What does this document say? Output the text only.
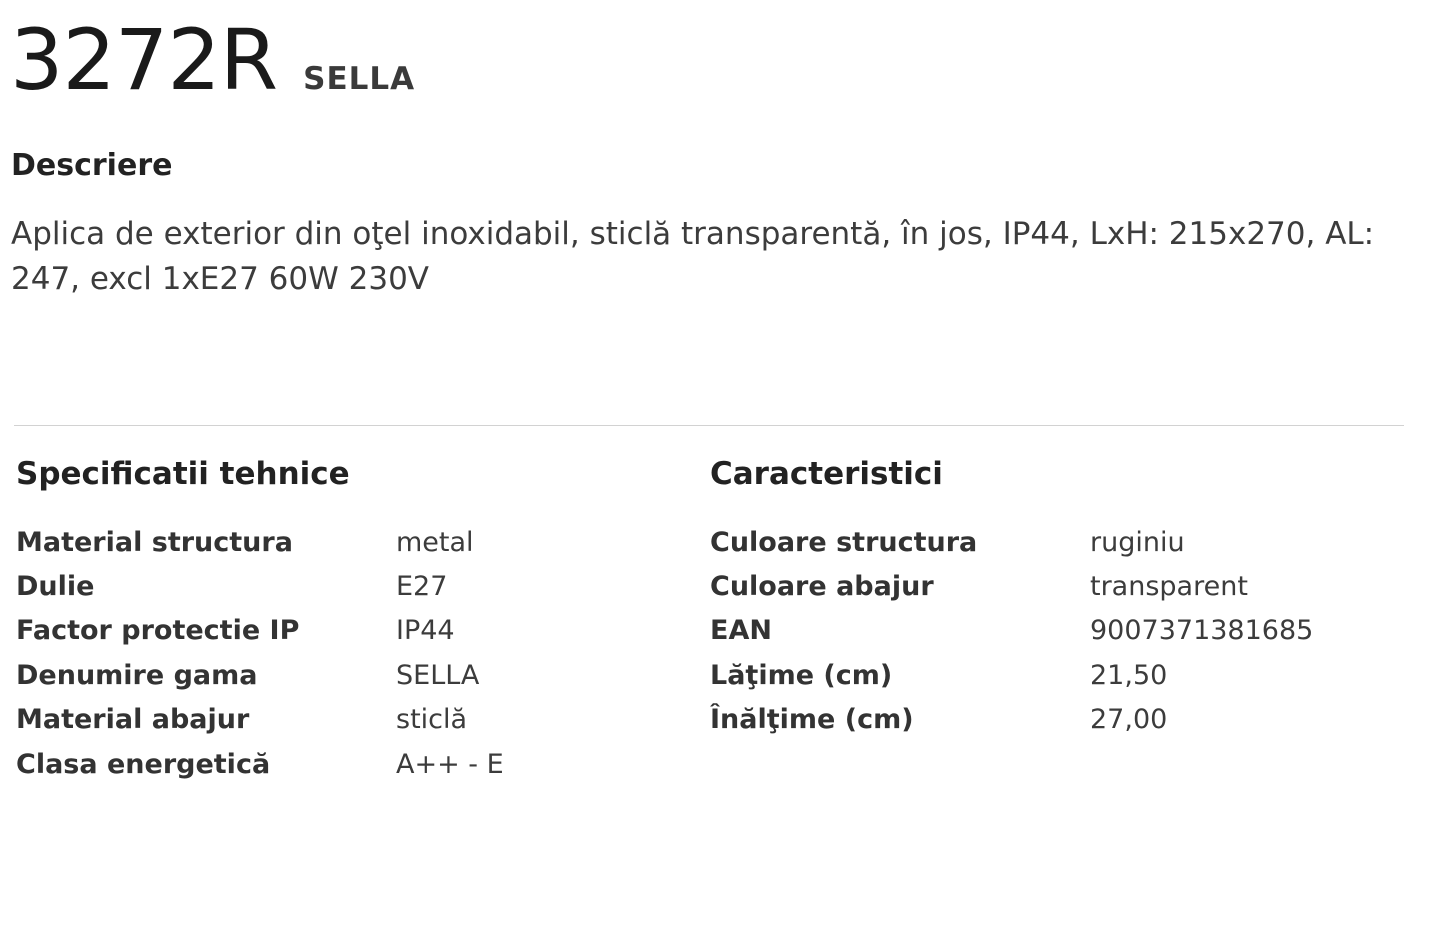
3272R SELLA
Descriere
Aplica de exterior din oţel inoxidabil, sticlă transparentă, în jos, IP44, LxH: 215x270, AL: 247, excl 1xE27 60W 230V
Specificatii tehnice
Material structura	metal
Dulie	E27
Factor protectie IP	IP44
Denumire gama	SELLA
Material abajur	sticlă
Clasa energetică	A++ - E
Caracteristici
Culoare structura	ruginiu
Culoare abajur	transparent
EAN	9007371381685
Lăţime (cm)	21,50
Înălţime (cm)	27,00
